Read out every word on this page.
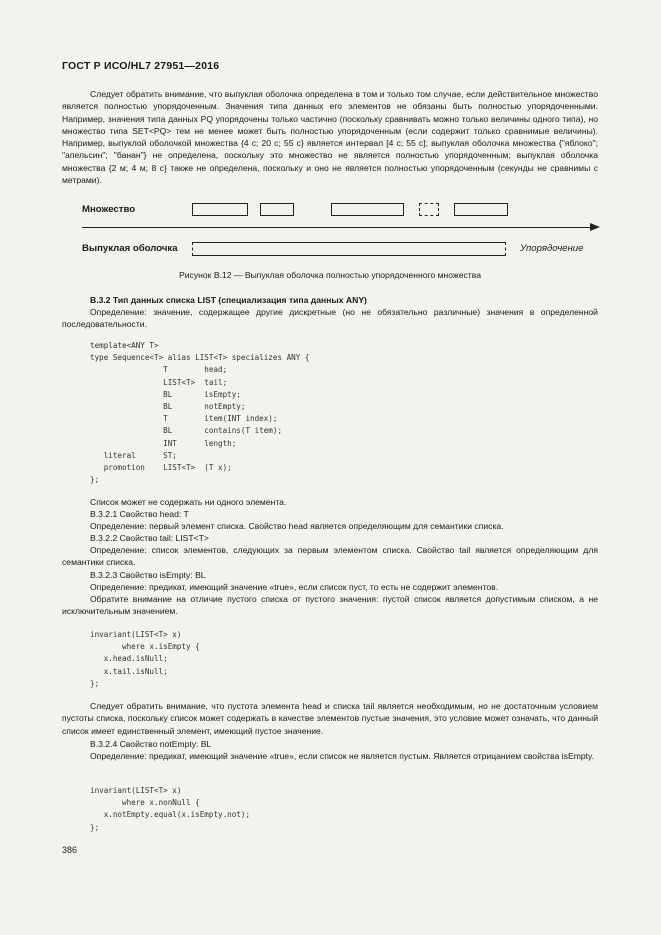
ГОСТ Р ИСО/HL7 27951—2016

Следует обратить внимание, что выпуклая оболочка определена в том и только том случае, если действительное множество является полностью упорядоченным. Значения типа данных его элементов не обязаны быть полностью упорядоченными. Например, значения типа данных PQ упорядочены только частично (поскольку сравнивать можно только величины одного типа), но множество типа SET<PQ> тем не менее может быть полностью упорядоченным (если содержит только сравнимые величины). Например, выпуклой оболочкой множества {4 c; 20 c; 55 c} является интервал [4 c; 55 c]; выпуклая оболочка множества {"яблоко"; "апельсин"; "банан"} не определена, поскольку это множество не является полностью упорядоченным; выпуклая оболочка множества {2 м; 4 м; 8 с} также не определена, поскольку и оно не является полностью упорядоченным (секунды не сравнимы с метрами).

Множество
Выпуклая оболочка	Упорядочение
Рисунок В.12 — Выпуклая оболочка полностью упорядоченного множества
В.3.2 Тип данных списка LIST (специализация типа данных ANY)

Определение: значение, содержащее другие дискретные (но не обязательно различные) значения в определенной последовательности.

template<ANY T>
type Sequence<T> alias LIST<T> specializes ANY {
T        head;
LIST<T>  tail;
BL       isEmpty;
BL       notEmpty;
T        item(INT index);
BL       contains(T item);
INT      length;
literal      ST;
promotion    LIST<T>  (T x);
};
Список может не содержать ни одного элемента.
В.3.2.1 Свойство head: T
Определение: первый элемент списка. Свойство head является определяющим для семантики списка.
В.3.2.2 Свойство tail: LIST<T>

Определение: список элементов, следующих за первым элементом списка. Свойство tail является определяющим для семантики списка.

В.3.2.3 Свойство isEmpty: BL
Определение: предикат, имеющий значение «true», если список пуст, то есть не содержит элементов.

Обратите внимание на отличие пустого списка от пустого значения: пустой список является допустимым списком, а не исключительным значением.

invariant(LIST<T> x)
where x.isEmpty {
x.head.isNull;
x.tail.isNull;
};

Следует обратить внимание, что пустота элемента head и списка tail является необходимым, но не достаточным условием пустоты списка, поскольку список может содержать в качестве элементов пустые значения, это условие может означать, что данный список имеет единственный элемент, имеющий пустое значение.

В.3.2.4 Свойство notEmpty: BL

Определение: предикат, имеющий значение «true», если список не является пустым. Является отрицанием свойства isEmpty.

invariant(LIST<T> x)
where x.nonNull {
x.notEmpty.equal(x.isEmpty.not);
};
386
